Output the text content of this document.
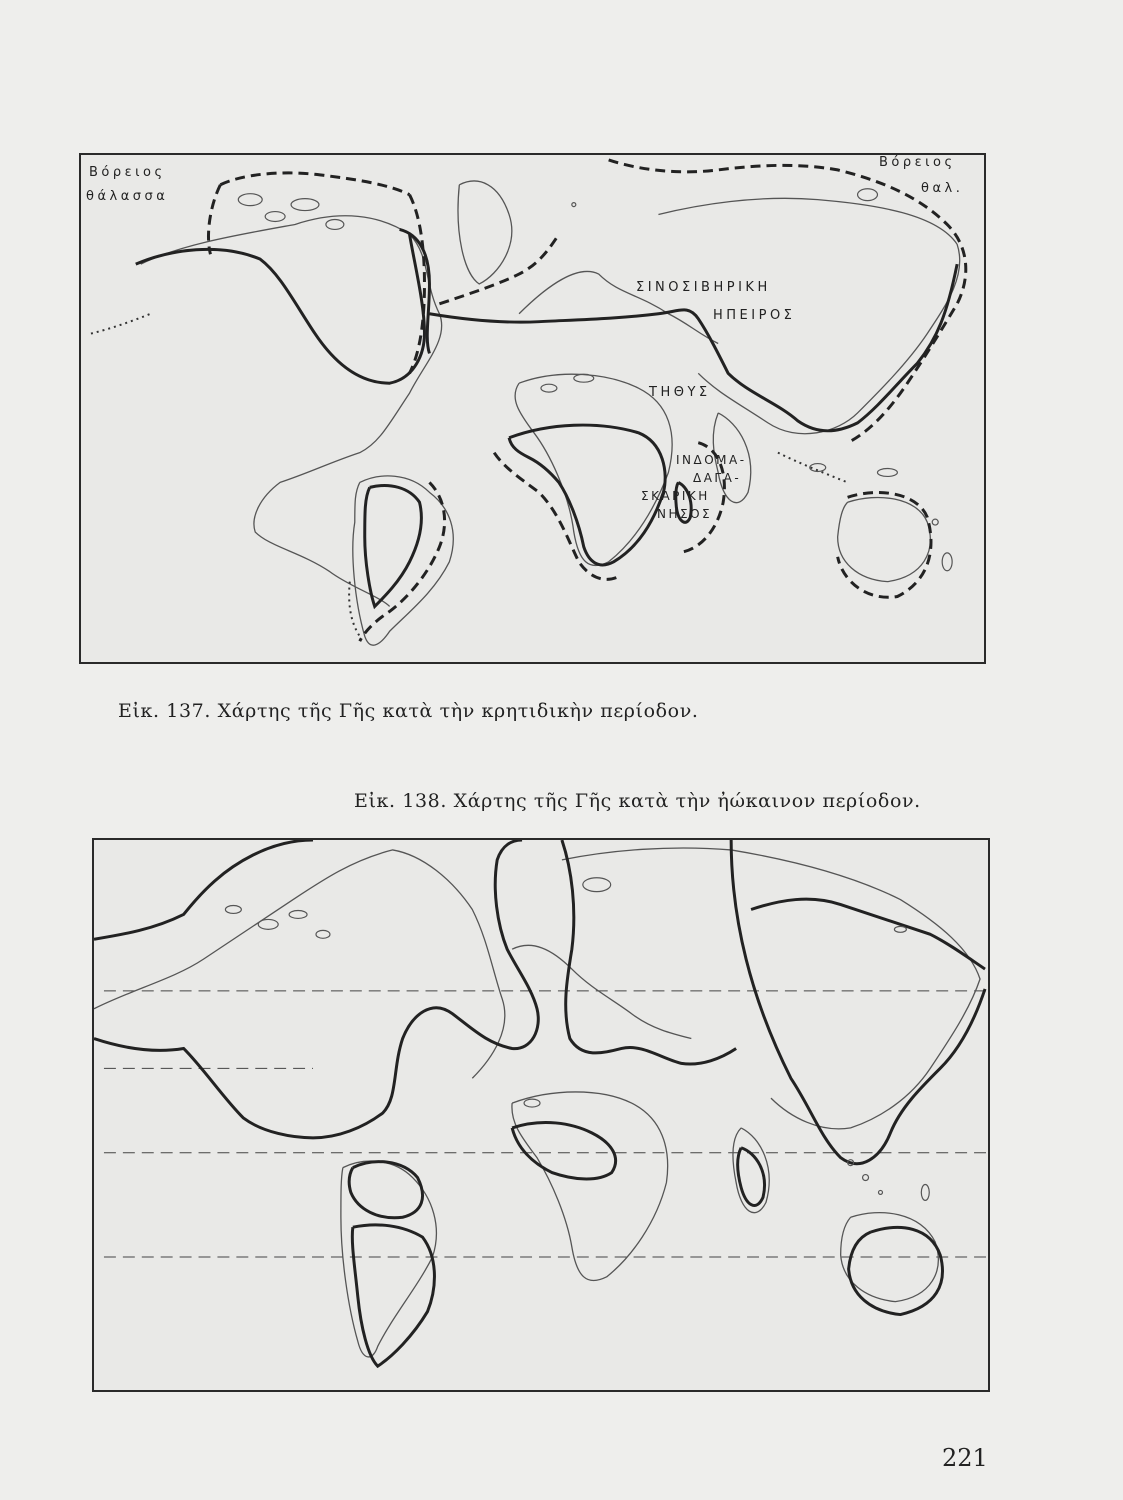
Βόρειος
θάλασσα
Βόρειος
θαλ.
ΣΙΝΟΣΙΒΗΡΙΚΗ
ΗΠΕΙΡΟΣ
ΤΗΘΥΣ
ΙΝΔΟΜΑ-
ΔΑΓΑ-
ΣΚΑΡΙΚΗ
ΝΗΣΟΣ
Εἰκ. 137. Χάρτης τῆς Γῆς κατὰ τὴν κρητιδικὴν περίοδον.
Εἰκ. 138. Χάρτης τῆς Γῆς κατὰ τὴν ἠώκαινον περίοδον.
221
